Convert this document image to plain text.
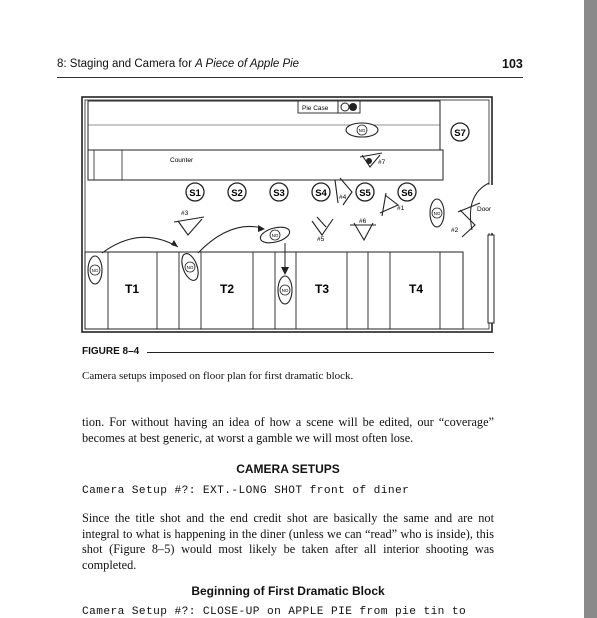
8: Staging and Camera for A Piece of Apple Pie	103
Door
Counter
Pie Case
S1	S2	S3	S4	S5	S6
S7
T1	T2	T3	T4
NO
NO
NO
NO
NO
NO
#3
#4
#5
#6
#1
#2
#7
FIGURE 8–4
Camera setups imposed on floor plan for first dramatic block.
tion. For without having an idea of how a scene will be edited, our “coverage” becomes at best generic, at worst a gamble we will most often lose.
CAMERA SETUPS
Camera Setup #?: EXT.-LONG SHOT front of diner
Since the title shot and the end credit shot are basically the same and are not integral to what is happening in the diner (unless we can “read” who is inside), this shot (Figure 8–5) would most likely be taken after all interior shooting was completed.
Beginning of First Dramatic Block
Camera Setup #?: CLOSE-UP on APPLE PIE from pie tin to
